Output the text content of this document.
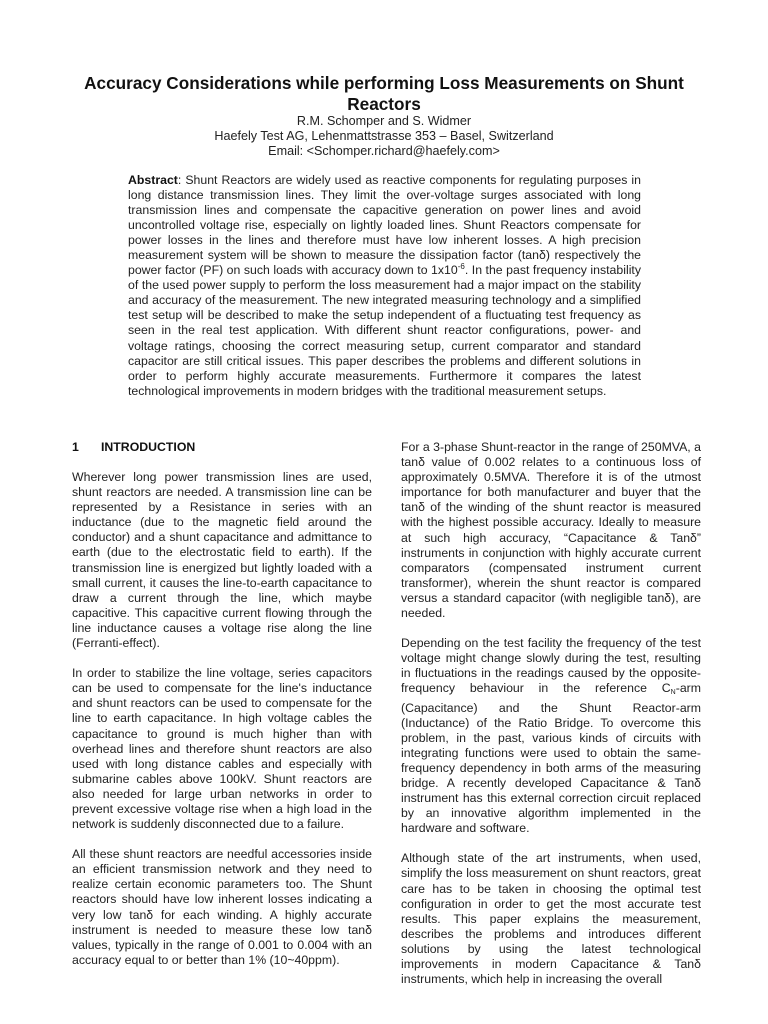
Accuracy Considerations while performing Loss Measurements on Shunt Reactors

R.M. Schomper and S. Widmer

Haefely Test AG, Lehenmattstrasse 353 – Basel, Switzerland

Email: <Schomper.richard@haefely.com>

Abstract: Shunt Reactors are widely used as reactive components for regulating purposes in long distance transmission lines. They limit the over-voltage surges associated with long transmission lines and compensate the capacitive generation on power lines and avoid uncontrolled voltage rise, especially on lightly loaded lines. Shunt Reactors compensate for power losses in the lines and therefore must have low inherent losses. A high precision measurement system will be shown to measure the dissipation factor (tanδ) respectively the power factor (PF) on such loads with accuracy down to $1x10^{-6}$. In the past frequency instability of the used power supply to perform the loss measurement had a major impact on the stability and accuracy of the measurement. The new integrated measuring technology and a simplified test setup will be described to make the setup independent of a fluctuating test frequency as seen in the real test application. With different shunt reactor configurations, power- and voltage ratings, choosing the correct measuring setup, current comparator and standard capacitor are still critical issues. This paper describes the problems and different solutions in order to perform highly accurate measurements. Furthermore it compares the latest technological improvements in modern bridges with the traditional measurement setups.

1 INTRODUCTION

Wherever long power transmission lines are used, shunt reactors are needed. A transmission line can be represented by a Resistance in series with an inductance (due to the magnetic field around the conductor) and a shunt capacitance and admittance to earth (due to the electrostatic field to earth). If the transmission line is energized but lightly loaded with a small current, it causes the line-to-earth capacitance to draw a current through the line, which maybe capacitive. This capacitive current flowing through the line inductance causes a voltage rise along the line (Ferranti-effect).

In order to stabilize the line voltage, series capacitors can be used to compensate for the line's inductance and shunt reactors can be used to compensate for the line to earth capacitance. In high voltage cables the capacitance to ground is much higher than with overhead lines and therefore shunt reactors are also used with long distance cables and especially with submarine cables above 100kV. Shunt reactors are also needed for large urban networks in order to prevent excessive voltage rise when a high load in the network is suddenly disconnected due to a failure.

All these shunt reactors are needful accessories inside an efficient transmission network and they need to realize certain economic parameters too. The Shunt reactors should have low inherent losses indicating a very low tanδ for each winding. A highly accurate instrument is needed to measure these low tanδ values, typically in the range of 0.001 to 0.004 with an accuracy equal to or better than 1% (10~40ppm).

For a 3-phase Shunt-reactor in the range of 250MVA, a tanδ value of 0.002 relates to a continuous loss of approximately 0.5MVA. Therefore it is of the utmost importance for both manufacturer and buyer that the tanδ of the winding of the shunt reactor is measured with the highest possible accuracy. Ideally to measure at such high accuracy, “Capacitance & Tanδ” instruments in conjunction with highly accurate current comparators (compensated instrument current transformer), wherein the shunt reactor is compared versus a standard capacitor (with negligible tanδ), are needed.

Depending on the test facility the frequency of the test voltage might change slowly during the test, resulting in fluctuations in the readings caused by the opposite-frequency behaviour in the reference CN-arm (Capacitance) and the Shunt Reactor-arm (Inductance) of the Ratio Bridge. To overcome this problem, in the past, various kinds of circuits with integrating functions were used to obtain the same-frequency dependency in both arms of the measuring bridge. A recently developed Capacitance & Tanδ instrument has this external correction circuit replaced by an innovative algorithm implemented in the hardware and software.

Although state of the art instruments, when used, simplify the loss measurement on shunt reactors, great care has to be taken in choosing the optimal test configuration in order to get the most accurate test results. This paper explains the measurement, describes the problems and introduces different solutions by using the latest technological improvements in modern Capacitance & Tanδ instruments, which help in increasing the overall
